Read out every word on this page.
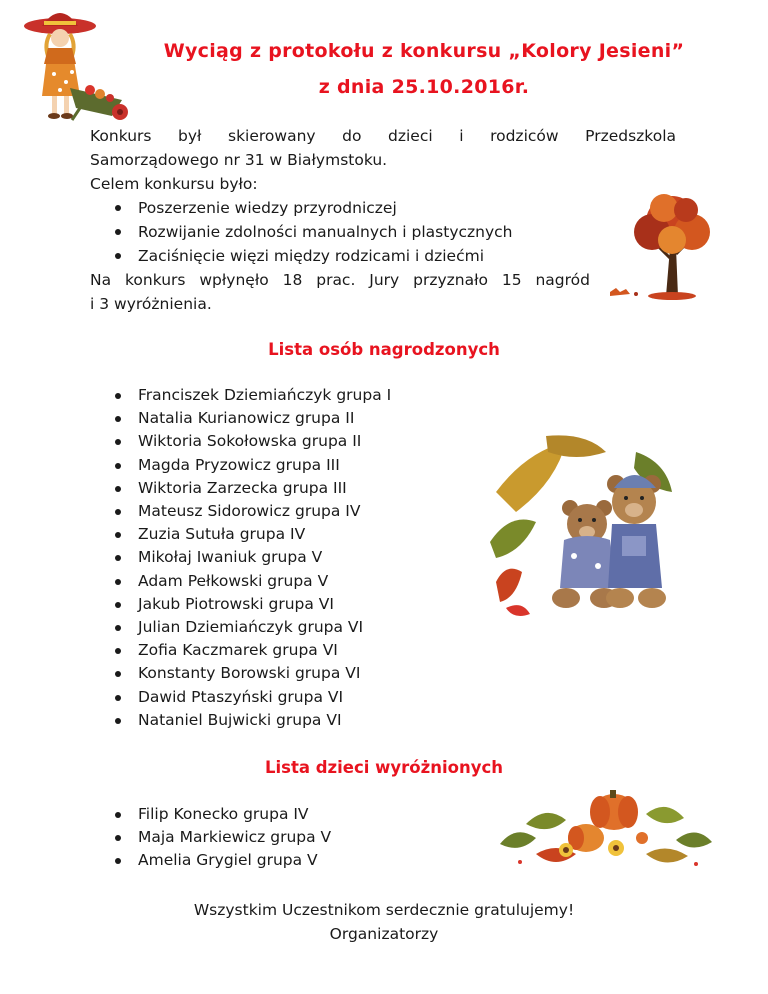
Wyciąg z protokołu z konkursu „Kolory Jesieni”
z dnia 25.10.2016r.

Konkurs był skierowany do dzieci i rodziców Przedszkola

Samorządowego nr 31 w Białymstoku.

Celem konkursu było:

Poszerzenie wiedzy przyrodniczej
Rozwijanie zdolności manualnych i plastycznych
Zaciśnięcie więzi między rodzicami i dziećmi

Na konkurs wpłynęło 18 prac. Jury przyznało 15 nagród

i 3 wyróżnienia.

Lista osób nagrodzonych
Franciszek Dziemiańczyk grupa I
Natalia Kurianowicz grupa II
Wiktoria Sokołowska grupa II
Magda Pryzowicz grupa III
Wiktoria Zarzecka grupa III
Mateusz Sidorowicz grupa IV
Zuzia Sutuła grupa IV
Mikołaj Iwaniuk grupa V
Adam Pełkowski grupa V
Jakub Piotrowski grupa VI
Julian Dziemiańczyk grupa VI
Zofia Kaczmarek grupa VI
Konstanty Borowski grupa VI
Dawid Ptaszyński grupa VI
Nataniel Bujwicki grupa VI
Lista dzieci wyróżnionych
Filip Konecko grupa IV
Maja Markiewicz grupa V
Amelia Grygiel grupa V
Wszystkim Uczestnikom serdecznie gratulujemy!
Organizatorzy
